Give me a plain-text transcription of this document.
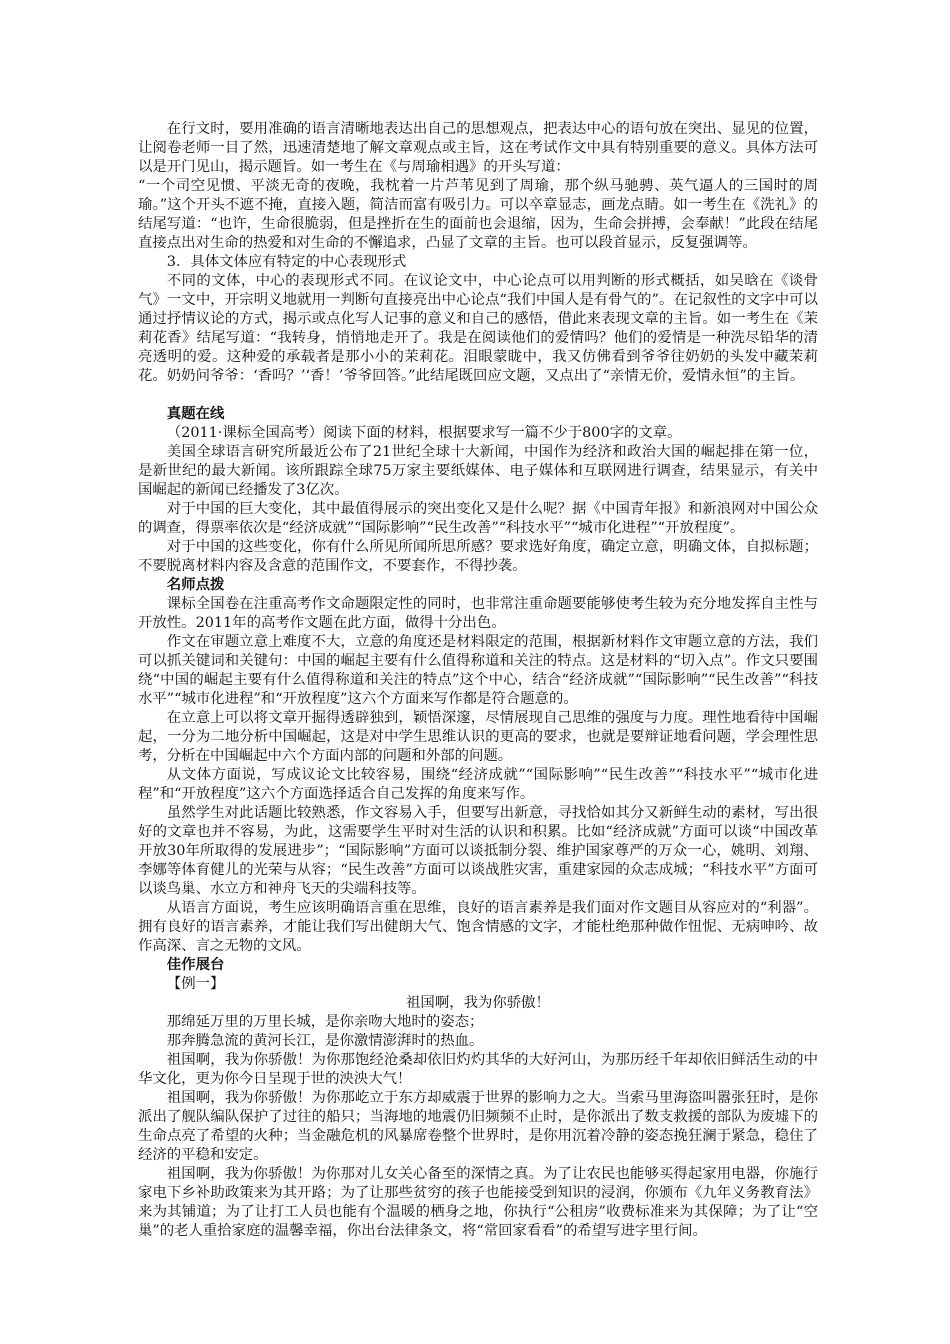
在行文时，要用准确的语言清晰地表达出自己的思想观点，把表达中心的语句放在突出、显见的位置，让阅卷老师一目了然，迅速清楚地了解文章观点或主旨，这在考试作文中具有特别重要的意义。具体方法可以是开门见山，揭示题旨。如一考生在《与周瑜相遇》的开头写道：

“一个司空见惯、平淡无奇的夜晚，我枕着一片芦苇见到了周瑜，那个纵马驰骋、英气逼人的三国时的周瑜。”这个开头不遮不掩，直接入题，简洁而富有吸引力。可以卒章显志，画龙点睛。如一考生在《洗礼》的结尾写道：“也许，生命很脆弱，但是挫折在生的面前也会退缩，因为，生命会拼搏，会奉献！”此段在结尾直接点出对生命的热爱和对生命的不懈追求，凸显了文章的主旨。也可以段首显示，反复强调等。

3．具体文体应有特定的中心表现形式

不同的文体，中心的表现形式不同。在议论文中，中心论点可以用判断的形式概括，如吴晗在《谈骨气》一文中，开宗明义地就用一判断句直接亮出中心论点“我们中国人是有骨气的”。在记叙性的文字中可以通过抒情议论的方式，揭示或点化写人记事的意义和自己的感悟，借此来表现文章的主旨。如一考生在《茉莉花香》结尾写道：“我转身，悄悄地走开了。我是在阅读他们的爱情吗？他们的爱情是一种洗尽铅华的清亮透明的爱。这种爱的承载者是那小小的茉莉花。泪眼蒙眬中，我又仿佛看到爷爷往奶奶的头发中藏茉莉花。奶奶问爷爷：‘香吗？’‘香！’爷爷回答。”此结尾既回应文题，又点出了“亲情无价，爱情永恒”的主旨。

真题在线

（2011·课标全国高考）阅读下面的材料，根据要求写一篇不少于800字的文章。

美国全球语言研究所最近公布了21世纪全球十大新闻，中国作为经济和政治大国的崛起排在第一位，是新世纪的最大新闻。该所跟踪全球75万家主要纸媒体、电子媒体和互联网进行调查，结果显示，有关中国崛起的新闻已经播发了3亿次。

对于中国的巨大变化，其中最值得展示的突出变化又是什么呢？据《中国青年报》和新浪网对中国公众的调查，得票率依次是“经济成就”“国际影响”“民生改善”“科技水平”“城市化进程”“开放程度”。

对于中国的这些变化，你有什么所见所闻所思所感？要求选好角度，确定立意，明确文体，自拟标题；不要脱离材料内容及含意的范围作文，不要套作，不得抄袭。

名师点拨

课标全国卷在注重高考作文命题限定性的同时，也非常注重命题要能够使考生较为充分地发挥自主性与开放性。2011年的高考作文题在此方面，做得十分出色。

作文在审题立意上难度不大，立意的角度还是材料限定的范围，根据新材料作文审题立意的方法，我们可以抓关键词和关键句：中国的崛起主要有什么值得称道和关注的特点。这是材料的“切入点”。作文只要围绕“中国的崛起主要有什么值得称道和关注的特点”这个中心，结合“经济成就”“国际影响”“民生改善”“科技水平”“城市化进程”和“开放程度”这六个方面来写作都是符合题意的。

在立意上可以将文章开掘得透辟独到，颖悟深邃，尽情展现自己思维的强度与力度。理性地看待中国崛起，一分为二地分析中国崛起，这是对中学生思维认识的更高的要求，也就是要辩证地看问题，学会理性思考，分析在中国崛起中六个方面内部的问题和外部的问题。

从文体方面说，写成议论文比较容易，围绕“经济成就”“国际影响”“民生改善”“科技水平”“城市化进程”和“开放程度”这六个方面选择适合自己发挥的角度来写作。

虽然学生对此话题比较熟悉，作文容易入手，但要写出新意，寻找恰如其分又新鲜生动的素材，写出很好的文章也并不容易，为此，这需要学生平时对生活的认识和积累。比如“经济成就”方面可以谈“中国改革开放30年所取得的发展进步”；“国际影响”方面可以谈抵制分裂、维护国家尊严的万众一心，姚明、刘翔、李娜等体育健儿的光荣与从容；“民生改善”方面可以谈战胜灾害，重建家园的众志成城；“科技水平”方面可以谈鸟巢、水立方和神舟飞天的尖端科技等。

从语言方面说，考生应该明确语言重在思维，良好的语言素养是我们面对作文题目从容应对的“利器”。拥有良好的语言素养，才能让我们写出健朗大气、饱含情感的文字，才能杜绝那种做作忸怩、无病呻吟、故作高深、言之无物的文风。

佳作展台

【例一】

祖国啊，我为你骄傲！

那绵延万里的万里长城，是你亲吻大地时的姿态；

那奔腾急流的黄河长江，是你激情澎湃时的热血。

祖国啊，我为你骄傲！为你那饱经沧桑却依旧灼灼其华的大好河山，为那历经千年却依旧鲜活生动的中华文化，更为你今日呈现于世的泱泱大气！

祖国啊，我为你骄傲！为你那屹立于东方却威震于世界的影响力之大。当索马里海盗叫嚣张狂时，是你派出了舰队编队保护了过往的船只；当海地的地震仍旧频频不止时，是你派出了数支救援的部队为废墟下的生命点亮了希望的火种；当金融危机的风暴席卷整个世界时，是你用沉着冷静的姿态挽狂澜于紧急，稳住了经济的平稳和安定。

祖国啊，我为你骄傲！为你那对儿女关心备至的深情之真。为了让农民也能够买得起家用电器，你施行家电下乡补助政策来为其开路；为了让那些贫穷的孩子也能接受到知识的浸润，你颁布《九年义务教育法》来为其铺道；为了让打工人员也能有个温暖的栖身之地，你执行“公租房”收费标准来为其保障；为了让“空巢”的老人重拾家庭的温馨幸福，你出台法律条文，将“常回家看看”的希望写进字里行间。
